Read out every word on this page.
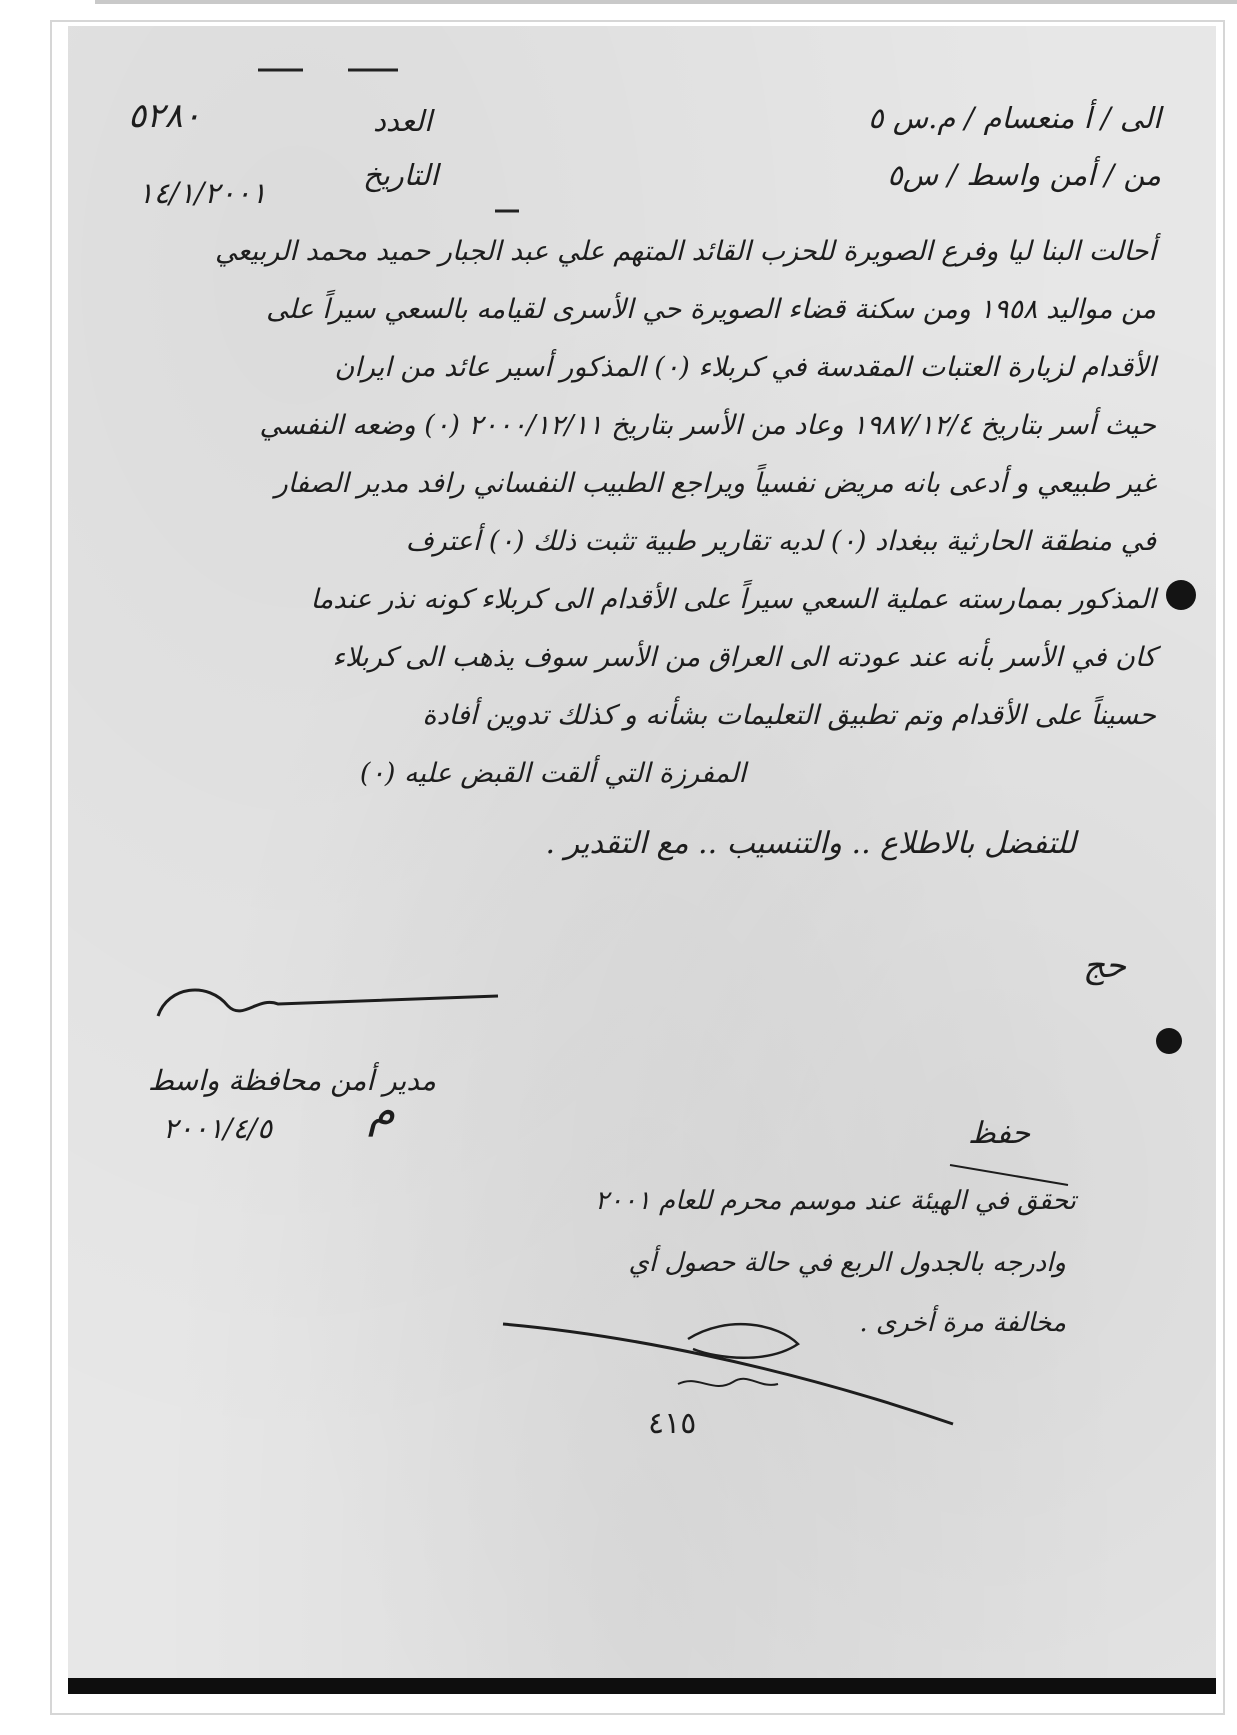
الى / أ منعسام / م.س ٥
من / أمن واسط / س٥
العدد
٥٢٨٠
التاريخ
١٤/١/٢٠٠١
أحالت البنا ليا وفرع الصويرة للحزب القائد المتهم علي عبد الجبار حميد محمد الربيعي
من مواليد ١٩٥٨ ومن سكنة قضاء الصويرة حي الأسرى لقيامه بالسعي سيراً على
الأقدام لزيارة العتبات المقدسة في كربلاء (٠) المذكور أسير عائد من ايران
حيث أسر بتاريخ ١٩٨٧/١٢/٤ وعاد من الأسر بتاريخ ٢٠٠٠/١٢/١١ (٠) وضعه النفسي
غير طبيعي و أدعى بانه مريض نفسياً ويراجع الطبيب النفساني رافد مدير الصفار
في منطقة الحارثية ببغداد (٠) لديه تقارير طبية تثبت ذلك (٠) أعترف
المذكور بممارسته عملية السعي سيراً على الأقدام الى كربلاء كونه نذر عندما
كان في الأسر بأنه عند عودته الى العراق من الأسر سوف يذهب الى كربلاء
حسيناً على الأقدام وتم تطبيق التعليمات بشأنه و كذلك تدوين أفادة
المفرزة التي ألقت القبض عليه (٠)
للتفضل بالاطلاع .. والتنسيب .. مع التقدير .
حج
مدير أمن محافظة واسط
٢٠٠١/٤/٥ م	حفظ
تحقق في الهيئة عند موسم محرم للعام ٢٠٠١
وادرجه بالجدول الربع في حالة حصول أي
مخالفة مرة أخرى .
٤١٥
